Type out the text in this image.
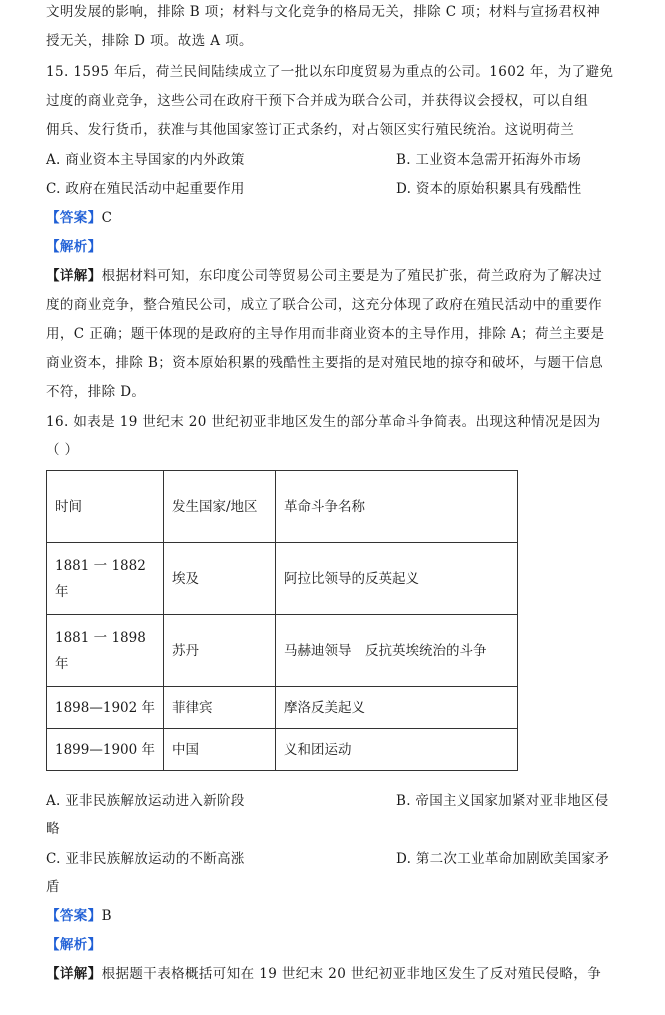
文明发展的影响，排除 B 项；材料与文化竞争的格局无关，排除 C 项；材料与宣扬君权神
授无关，排除 D 项。故选 A 项。
15. 1595 年后，荷兰民间陆续成立了一批以东印度贸易为重点的公司。1602 年，为了避免
过度的商业竞争，这些公司在政府干预下合并成为联合公司，并获得议会授权，可以自组
佣兵、发行货币，获准与其他国家签订正式条约，对占领区实行殖民统治。这说明荷兰
A. 商业资本主导国家的内外政策	B. 工业资本急需开拓海外市场
C. 政府在殖民活动中起重要作用	D. 资本的原始积累具有残酷性
【答案】C
【解析】
【详解】根据材料可知，东印度公司等贸易公司主要是为了殖民扩张，荷兰政府为了解决过
度的商业竞争，整合殖民公司，成立了联合公司，这充分体现了政府在殖民活动中的重要作
用，C 正确；题干体现的是政府的主导作用而非商业资本的主导作用，排除 A；荷兰主要是
商业资本，排除 B；资本原始积累的残酷性主要指的是对殖民地的掠夺和破坏，与题干信息
不符，排除 D。
16. 如表是 19 世纪末 20 世纪初亚非地区发生的部分革命斗争简表。出现这种情况是因为
（ ）
时间	发生国家/地区	革命斗争名称
1881 一 1882 年	埃及	阿拉比领导的反英起义
1881 一 1898 年	苏丹	马赫迪领导　反抗英埃统治的斗争
1898—1902 年	菲律宾	摩洛反美起义
1899—1900 年	中国	义和团运动
A. 亚非民族解放运动进入新阶段	B. 帝国主义国家加紧对亚非地区侵
略
C. 亚非民族解放运动的不断高涨	D. 第二次工业革命加剧欧美国家矛
盾
【答案】B
【解析】
【详解】根据题干表格概括可知在 19 世纪末 20 世纪初亚非地区发生了反对殖民侵略，争
